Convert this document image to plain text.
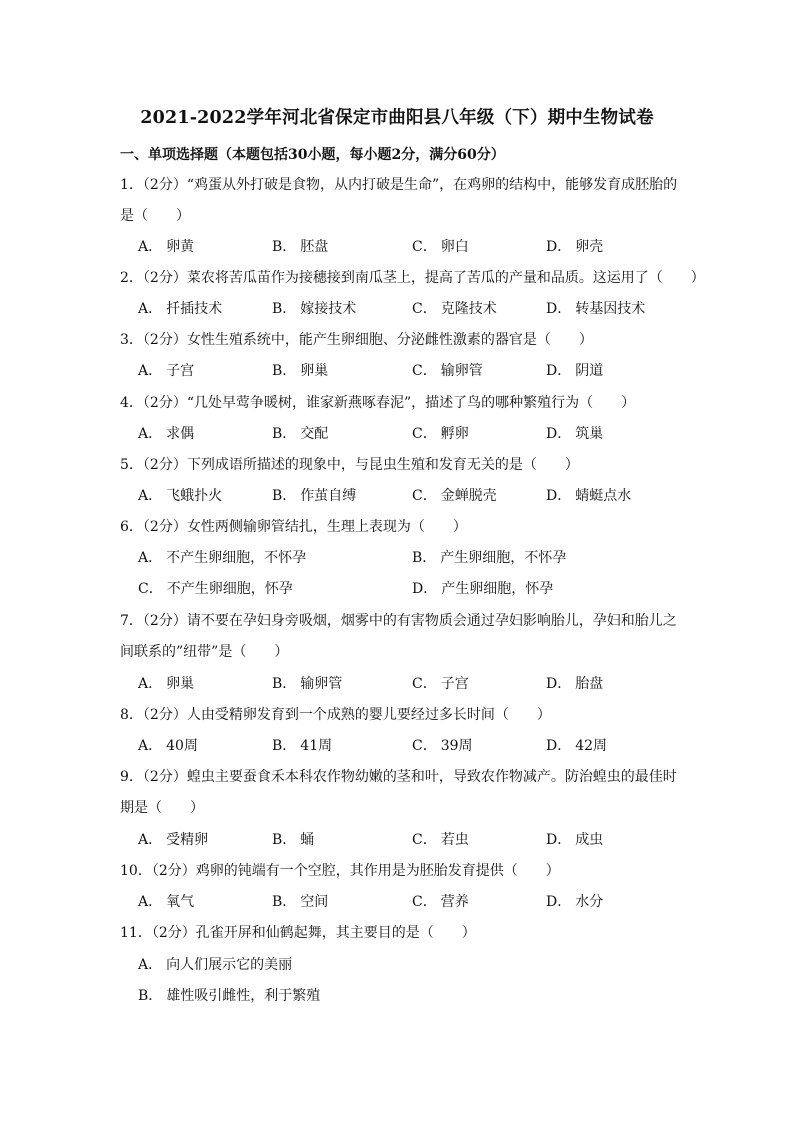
2021-2022学年河北省保定市曲阳县八年级（下）期中生物试卷
一、单项选择题（本题包括30小题，每小题2分，满分60分）
1．（2分）“鸡蛋从外打破是食物，从内打破是生命”，在鸡卵的结构中，能够发育成胚胎的
是（　　）
A． 卵黄	B． 胚盘	C． 卵白	D． 卵壳
2．（2分）菜农将苦瓜苗作为接穗接到南瓜茎上，提高了苦瓜的产量和品质。这运用了（　　）
A． 扦插技术	B． 嫁接技术	C． 克隆技术	D． 转基因技术
3．（2分）女性生殖系统中，能产生卵细胞、分泌雌性激素的器官是（　　）
A． 子宫	B． 卵巢	C． 输卵管	D． 阴道
4．（2分）“几处早莺争暖树，谁家新燕啄春泥”，描述了鸟的哪种繁殖行为（　　）
A． 求偶	B． 交配	C． 孵卵	D． 筑巢
5．（2分）下列成语所描述的现象中，与昆虫生殖和发育无关的是（　　）
A． 飞蛾扑火	B． 作茧自缚	C． 金蝉脱壳	D． 蜻蜓点水
6．（2分）女性两侧输卵管结扎，生理上表现为（　　）
A． 不产生卵细胞，不怀孕	B． 产生卵细胞，不怀孕
C． 不产生卵细胞，怀孕	D． 产生卵细胞，怀孕
7．（2分）请不要在孕妇身旁吸烟，烟雾中的有害物质会通过孕妇影响胎儿，孕妇和胎儿之
间联系的”纽带”是（　　）
A． 卵巢	B． 输卵管	C． 子宫	D． 胎盘
8．（2分）人由受精卵发育到一个成熟的婴儿要经过多长时间（　　）
A． 40周	B． 41周	C． 39周	D． 42周
9．（2分）蝗虫主要蚕食禾本科农作物幼嫩的茎和叶，导致农作物减产。防治蝗虫的最佳时
期是（　　）
A． 受精卵	B． 蛹	C． 若虫	D． 成虫
10．（2分）鸡卵的钝端有一个空腔，其作用是为胚胎发育提供（　　）
A． 氧气	B． 空间	C． 营养	D． 水分
11．（2分）孔雀开屏和仙鹤起舞，其主要目的是（　　）
A． 向人们展示它的美丽
B． 雄性吸引雌性，利于繁殖
